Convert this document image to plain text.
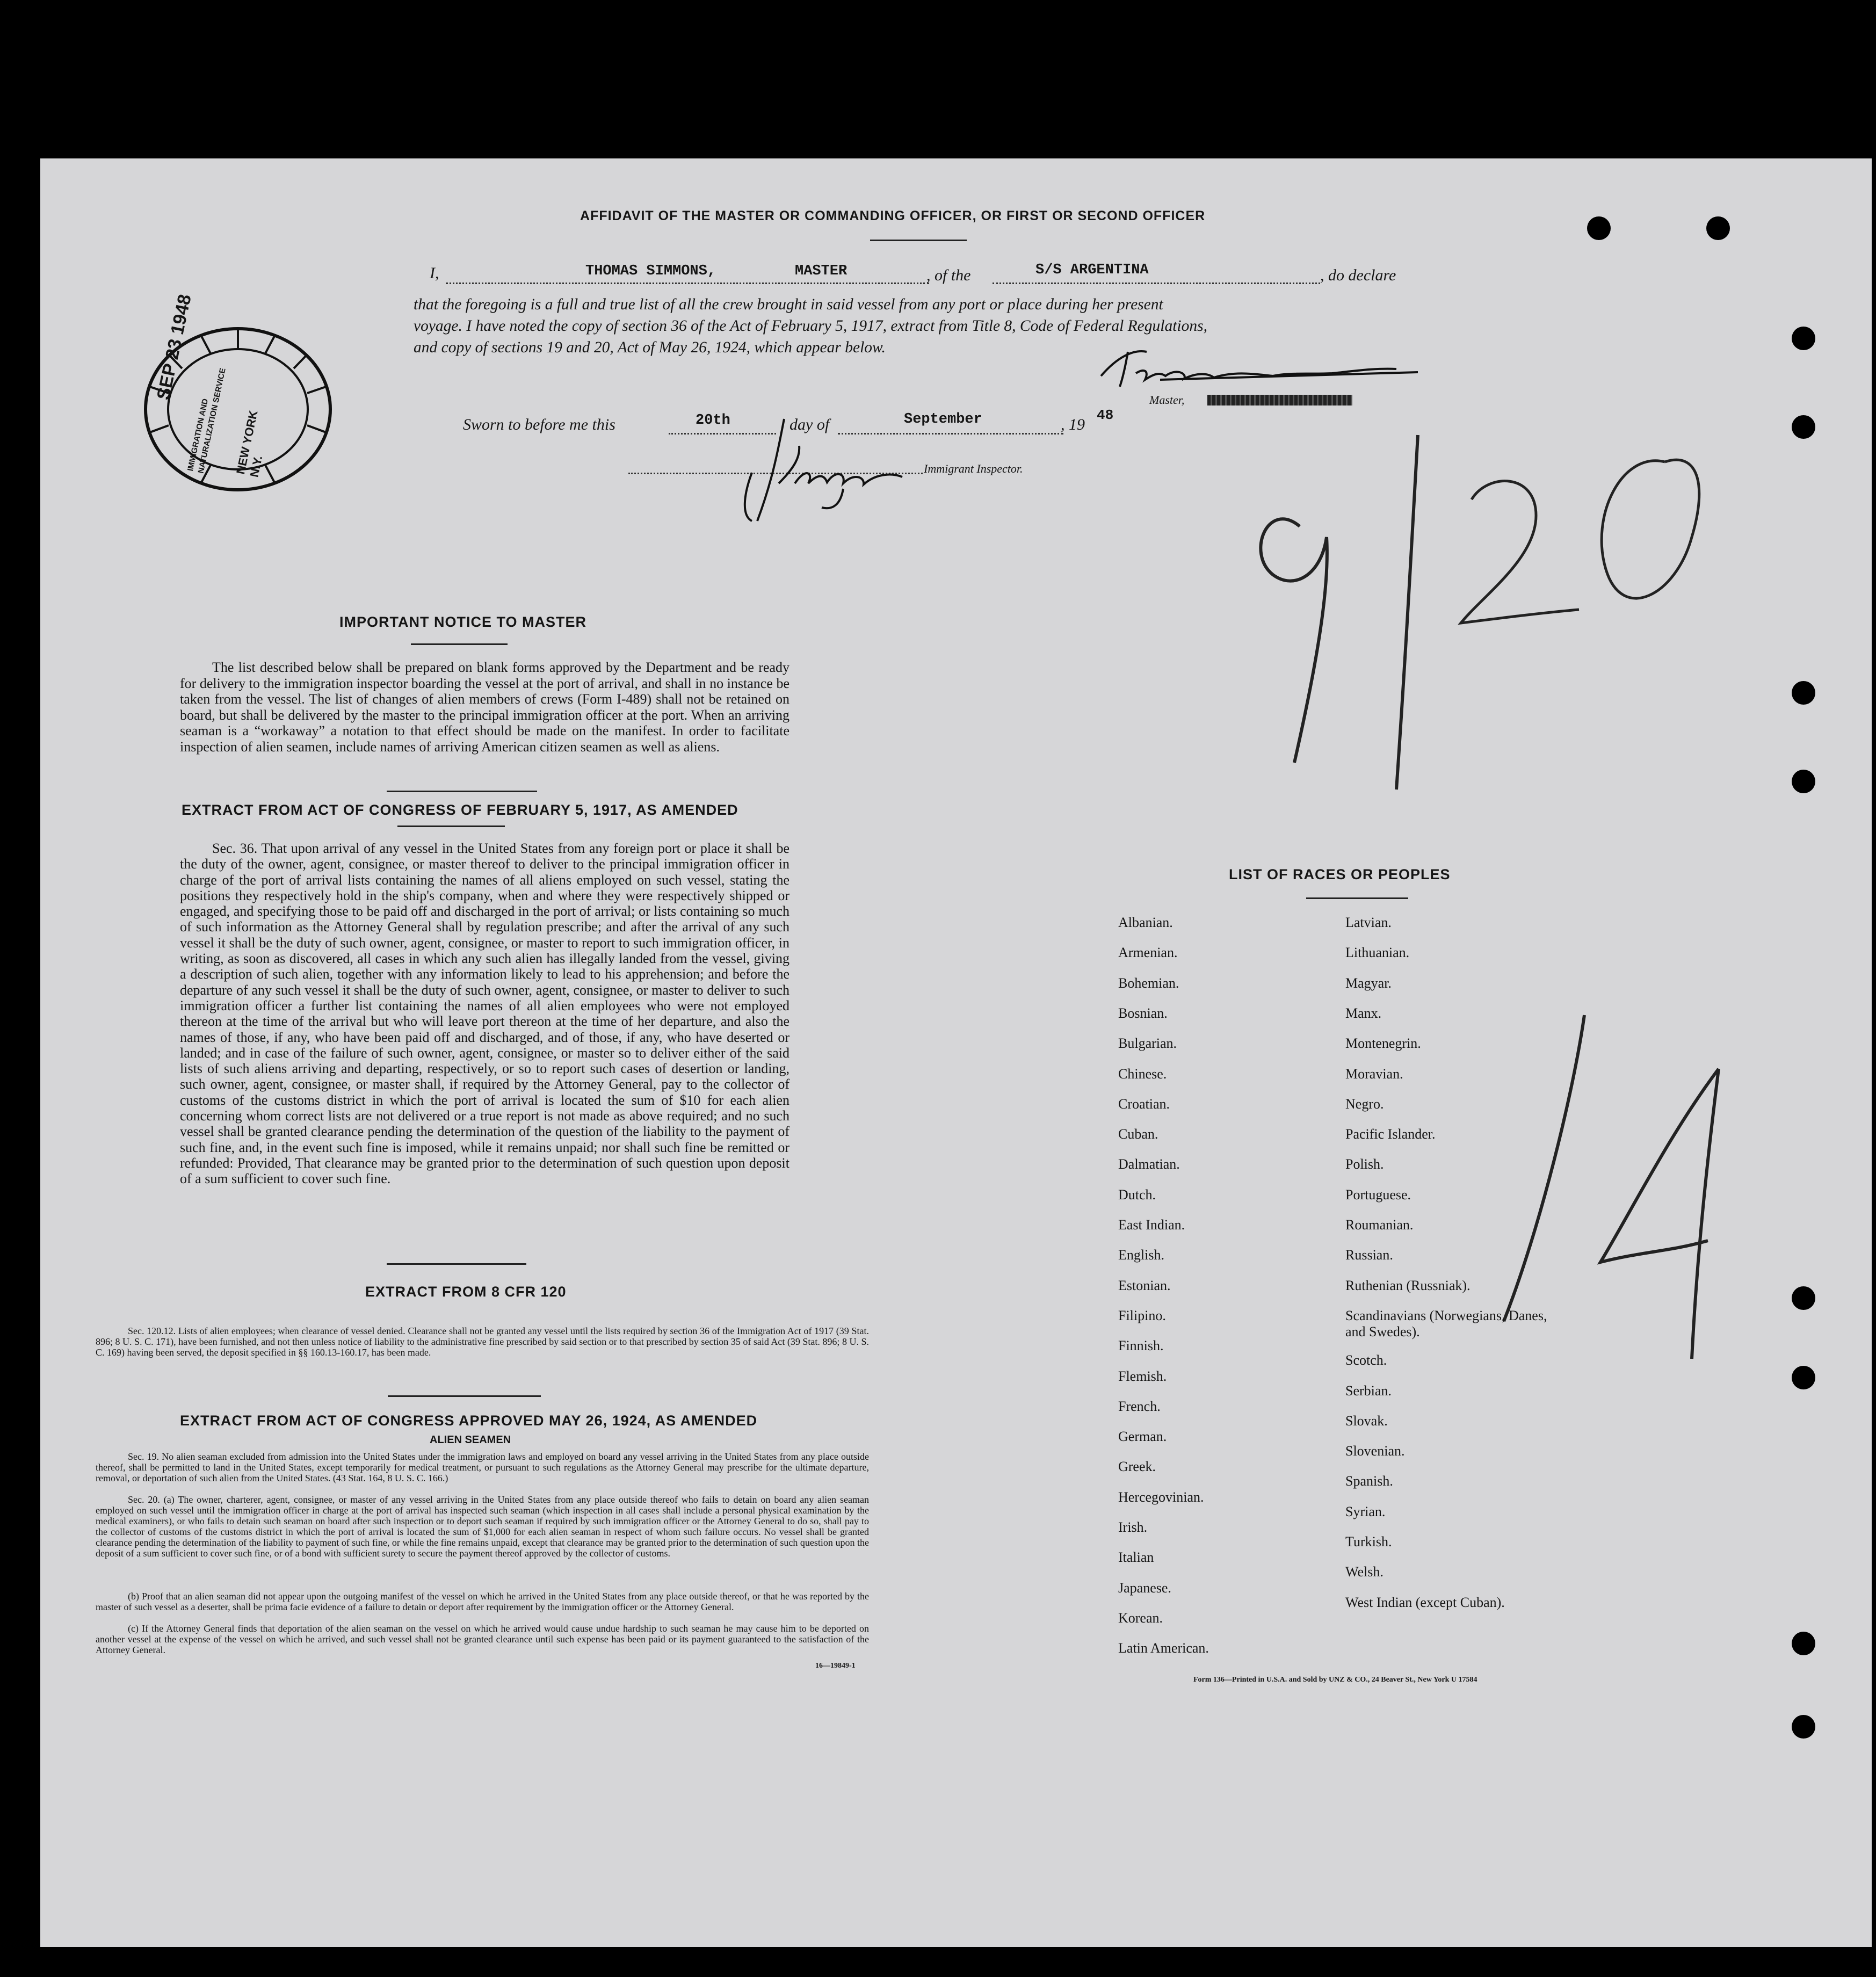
AFFIDAVIT OF THE MASTER OR COMMANDING OFFICER, OR FIRST OR SECOND OFFICER
I,	THOMAS SIMMONS,	MASTER	, of the	S/S ARGENTINA	, do declare
that the foregoing is a full and true list of all the crew brought in said vessel from any port or place during her present
voyage. I have noted the copy of section 36 of the Act of February 5, 1917, extract from Title 8, Code of Federal Regulations,
and copy of sections 19 and 20, Act of May 26, 1924, which appear below.
Master,
Sworn to before me this	20th	day of	September	, 19
48
Immigrant Inspector.
SEP 23 1948
IMMIGRATION AND NATURALIZATION SERVICE NEW YORK N.Y.
IMPORTANT NOTICE TO MASTER
The list described below shall be prepared on blank forms approved by the Department and be ready for delivery to the immigration inspector boarding the vessel at the port of arrival, and shall in no instance be taken from the vessel. The list of changes of alien members of crews (Form I-489) shall not be retained on board, but shall be delivered by the master to the principal immigration officer at the port. When an arriving seaman is a “workaway” a notation to that effect should be made on the manifest. In order to facilitate inspection of alien seamen, include names of arriving American citizen seamen as well as aliens.
EXTRACT FROM ACT OF CONGRESS OF FEBRUARY 5, 1917, AS AMENDED
Sec. 36. That upon arrival of any vessel in the United States from any foreign port or place it shall be the duty of the owner, agent, consignee, or master thereof to deliver to the principal immigration officer in charge of the port of arrival lists containing the names of all aliens employed on such vessel, stating the positions they respectively hold in the ship's company, when and where they were respectively shipped or engaged, and specifying those to be paid off and discharged in the port of arrival; or lists containing so much of such information as the Attorney General shall by regulation prescribe; and after the arrival of any such vessel it shall be the duty of such owner, agent, consignee, or master to report to such immigration officer, in writing, as soon as discovered, all cases in which any such alien has illegally landed from the vessel, giving a description of such alien, together with any information likely to lead to his apprehension; and before the departure of any such vessel it shall be the duty of such owner, agent, consignee, or master to deliver to such immigration officer a further list containing the names of all alien employees who were not employed thereon at the time of the arrival but who will leave port thereon at the time of her departure, and also the names of those, if any, who have been paid off and discharged, and of those, if any, who have deserted or landed; and in case of the failure of such owner, agent, consignee, or master so to deliver either of the said lists of such aliens arriving and departing, respectively, or so to report such cases of desertion or landing, such owner, agent, consignee, or master shall, if required by the Attorney General, pay to the collector of customs of the customs district in which the port of arrival is located the sum of $10 for each alien concerning whom correct lists are not delivered or a true report is not made as above required; and no such vessel shall be granted clearance pending the determination of the question of the liability to the payment of such fine, and, in the event such fine is imposed, while it remains unpaid; nor shall such fine be remitted or refunded: Provided, That clearance may be granted prior to the determination of such question upon deposit of a sum sufficient to cover such fine.
EXTRACT FROM 8 CFR 120
Sec. 120.12. Lists of alien employees; when clearance of vessel denied. Clearance shall not be granted any vessel until the lists required by section 36 of the Immigration Act of 1917 (39 Stat. 896; 8 U. S. C. 171), have been furnished, and not then unless notice of liability to the administrative fine prescribed by said section or to that prescribed by section 35 of said Act (39 Stat. 896; 8 U. S. C. 169) having been served, the deposit specified in §§ 160.13-160.17, has been made.
EXTRACT FROM ACT OF CONGRESS APPROVED MAY 26, 1924, AS AMENDED
ALIEN SEAMEN
Sec. 19. No alien seaman excluded from admission into the United States under the immigration laws and employed on board any vessel arriving in the United States from any place outside thereof, shall be permitted to land in the United States, except temporarily for medical treatment, or pursuant to such regulations as the Attorney General may prescribe for the ultimate departure, removal, or deportation of such alien from the United States. (43 Stat. 164, 8 U. S. C. 166.)
Sec. 20. (a) The owner, charterer, agent, consignee, or master of any vessel arriving in the United States from any place outside thereof who fails to detain on board any alien seaman employed on such vessel until the immigration officer in charge at the port of arrival has inspected such seaman (which inspection in all cases shall include a personal physical examination by the medical examiners), or who fails to detain such seaman on board after such inspection or to deport such seaman if required by such immigration officer or the Attorney General to do so, shall pay to the collector of customs of the customs district in which the port of arrival is located the sum of $1,000 for each alien seaman in respect of whom such failure occurs. No vessel shall be granted clearance pending the determination of the liability to payment of such fine, or while the fine remains unpaid, except that clearance may be granted prior to the determination of such question upon the deposit of a sum sufficient to cover such fine, or of a bond with sufficient surety to secure the payment thereof approved by the collector of customs.
(b) Proof that an alien seaman did not appear upon the outgoing manifest of the vessel on which he arrived in the United States from any place outside thereof, or that he was reported by the master of such vessel as a deserter, shall be prima facie evidence of a failure to detain or deport after requirement by the immigration officer or the Attorney General.
(c) If the Attorney General finds that deportation of the alien seaman on the vessel on which he arrived would cause undue hardship to such seaman he may cause him to be deported on another vessel at the expense of the vessel on which he arrived, and such vessel shall not be granted clearance until such expense has been paid or its payment guaranteed to the satisfaction of the Attorney General.
16—19849-1
LIST OF RACES OR PEOPLES
Albanian.
Armenian.
Bohemian.
Bosnian.
Bulgarian.
Chinese.
Croatian.
Cuban.
Dalmatian.
Dutch.
East Indian.
English.
Estonian.
Filipino.
Finnish.
Flemish.
French.
German.
Greek.
Hercegovinian.
Irish.
Italian
Japanese.
Korean.
Latin American.
Latvian.
Lithuanian.
Magyar.
Manx.
Montenegrin.
Moravian.
Negro.
Pacific Islander.
Polish.
Portuguese.
Roumanian.
Russian.
Ruthenian (Russniak).
Scandinavians (Norwegians, Danes, and Swedes).
Scotch.
Serbian.
Slovak.
Slovenian.
Spanish.
Syrian.
Turkish.
Welsh.
West Indian (except Cuban).
Form 136—Printed in U.S.A. and Sold by UNZ & CO., 24 Beaver St., New York U 17584
